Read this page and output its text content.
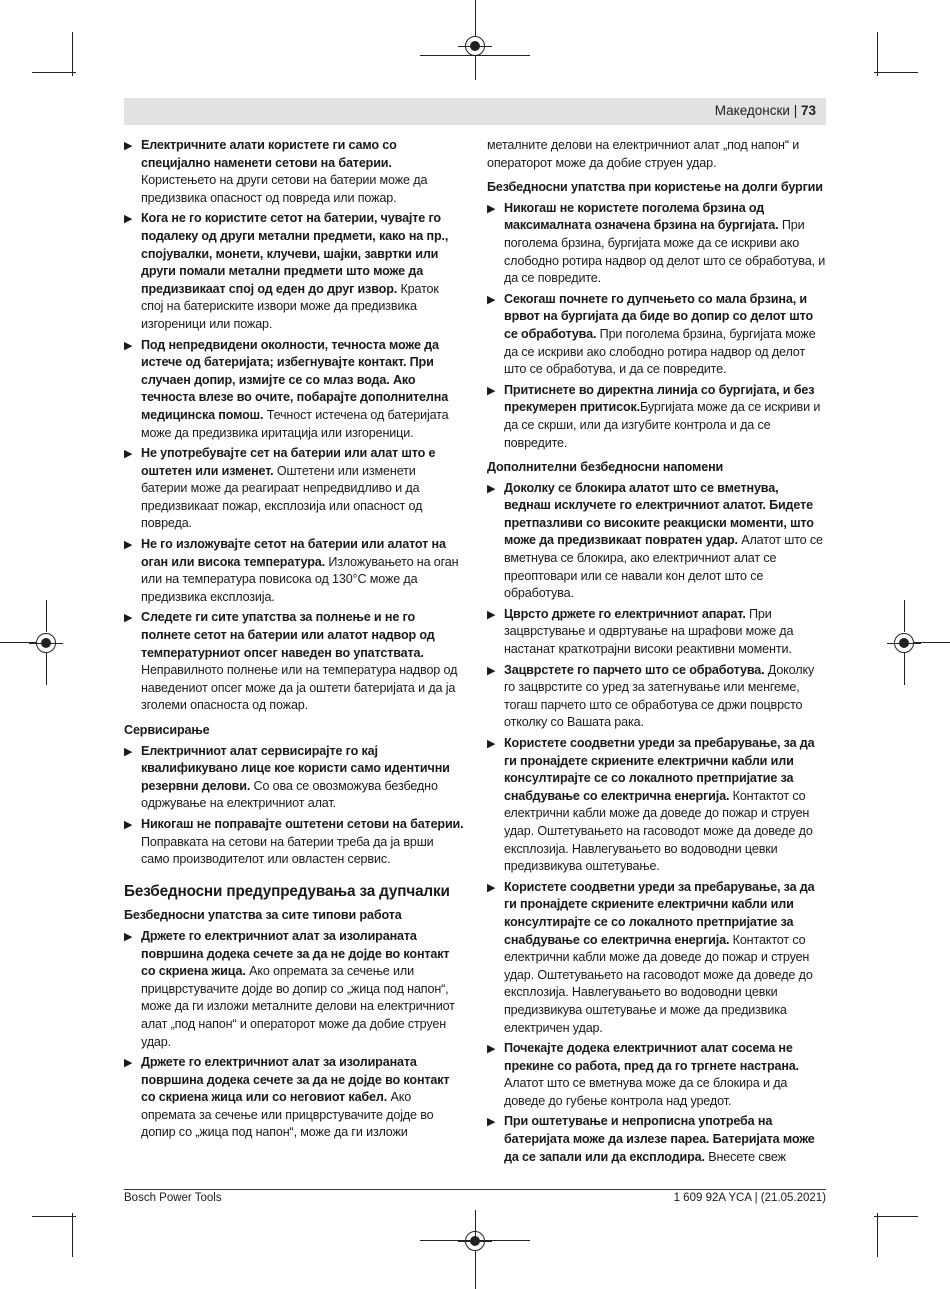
Македонски | 73
▶ Електричните алати користете ги само со специјално наменети сетови на батерии. Користењето на други сетови на батерии може да предизвика опасност од повреда или пожар.
▶ Кога не го користите сетот на батерии, чувајте го подалеку од други метални предмети, како на пр., спојувалки, монети, клучеви, шајки, завртки или други помали метални предмети што може да предизвикаат спој од еден до друг извор. Краток спој на батериските извори може да предизвика изгореници или пожар.
▶ Под непредвидени околности, течноста може да истече од батеријата; избегнувајте контакт. При случаен допир, измијте се со млаз вода. Ако течноста влезе во очите, побарајте дополнителна медицинска помош. Течност истечена од батеријата може да предизвика иритација или изгореници.
▶ Не употребувајте сет на батерии или алат што е оштетен или изменет. Оштетени или изменети батерии може да реагираат непредвидливо и да предизвикаат пожар, експлозија или опасност од повреда.
▶ Не го изложувајте сетот на батерии или алатот на оган или висока температура. Изложувањето на оган или на температура повисока од 130°C може да предизвика експлозија.
▶ Следете ги сите упатства за полнење и не го полнете сетот на батерии или алатот надвор од температурниот опсег наведен во упатствата. Неправилното полнење или на температура надвор од наведениот опсег може да ја оштети батеријата и да ја зголеми опасноста од пожар.
Сервисирање
▶ Електричниот алат сервисирајте го кај квалификувано лице кое користи само идентични резервни делови. Со ова се овозможува безбедно одржување на електричниот алат.
▶ Никогаш не поправајте оштетени сетови на батерии. Поправката на сетови на батерии треба да ја врши само производителот или овластен сервис.
Безбедносни предупредувања за дупчалки
Безбедносни упатства за сите типови работа
▶ Држете го електричниот алат за изолираната површина додека сечете за да не дојде во контакт со скриена жица. Ако опремата за сечење или прицврстувачите дојде во допир со „жица под напон“, може да ги изложи металните делови на електричниот алат „под напон“ и операторот може да добие струен удар.
▶ Држете го електричниот алат за изолираната површина додека сечете за да не дојде во контакт со скриена жица или со неговиот кабел. Ако опремата за сечење или прицврстувачите дојде во допир со „жица под напон“, може да ги изложи
металните делови на електричниот алат „под напон“ и операторот може да добие струен удар.
Безбедносни упатства при користење на долги бургии
▶ Никогаш не користете поголема брзина од максималната означена брзина на бургијата. При поголема брзина, бургијата може да се искриви ако слободно ротира надвор од делот што се обработува, и да се повредите.
▶ Секогаш почнете го дупчењето со мала брзина, и врвот на бургијата да биде во допир со делот што се обработува. При поголема брзина, бургијата може да се искриви ако слободно ротира надвор од делот што се обработува, и да се повредите.
▶ Притиснете во директна линија со бургијата, и без прекумерен притисок.Бургијата може да се искриви и да се скрши, или да изгубите контрола и да се повредите.
Дополнителни безбедносни напомени
▶ Доколку се блокира алатот што се вметнува, веднаш исклучете го електричниот алатот. Бидете претпазливи со високите реакциски моменти, што може да предизвикаат повратен удар. Алатот што се вметнува се блокира, ако електричниот алат се преоптовари или се навали кон делот што се обработува.
▶ Цврсто држете го електричниот апарат. При зацврстување и одвртување на шрафови може да настанат краткотрајни високи реактивни моменти.
▶ Зацврстете го парчето што се обработува. Доколку го зацврстите со уред за затегнување или менгеме, тогаш парчето што се обработува се држи поцврсто отколку со Вашата рака.
▶ Користете соодветни уреди за пребарување, за да ги пронајдете скриените електрични кабли или консултирајте се со локалното претпријатие за снабдување со електрична енергија. Контактот со електрични кабли може да доведе до пожар и струен удар. Оштетувањето на гасоводот може да доведе до експлозија. Навлегувањето во водоводни цевки предизвикува оштетување.
▶ Користете соодветни уреди за пребарување, за да ги пронајдете скриените електрични кабли или консултирајте се со локалното претпријатие за снабдување со електрична енергија. Контактот со електрични кабли може да доведе до пожар и струен удар. Оштетувањето на гасоводот може да доведе до експлозија. Навлегувањето во водоводни цевки предизвикува оштетување и може да предизвика електричен удар.
▶ Почекајте додека електричниот алат сосема не прекине со работа, пред да го тргнете настрана. Алатот што се вметнува може да се блокира и да доведе до губење контрола над уредот.
▶ При оштетување и непрописна употреба на батеријата може да излезе пареа. Батеријата може да се запали или да експлодира. Внесете свеж
Bosch Power Tools	1 609 92A YCA | (21.05.2021)
